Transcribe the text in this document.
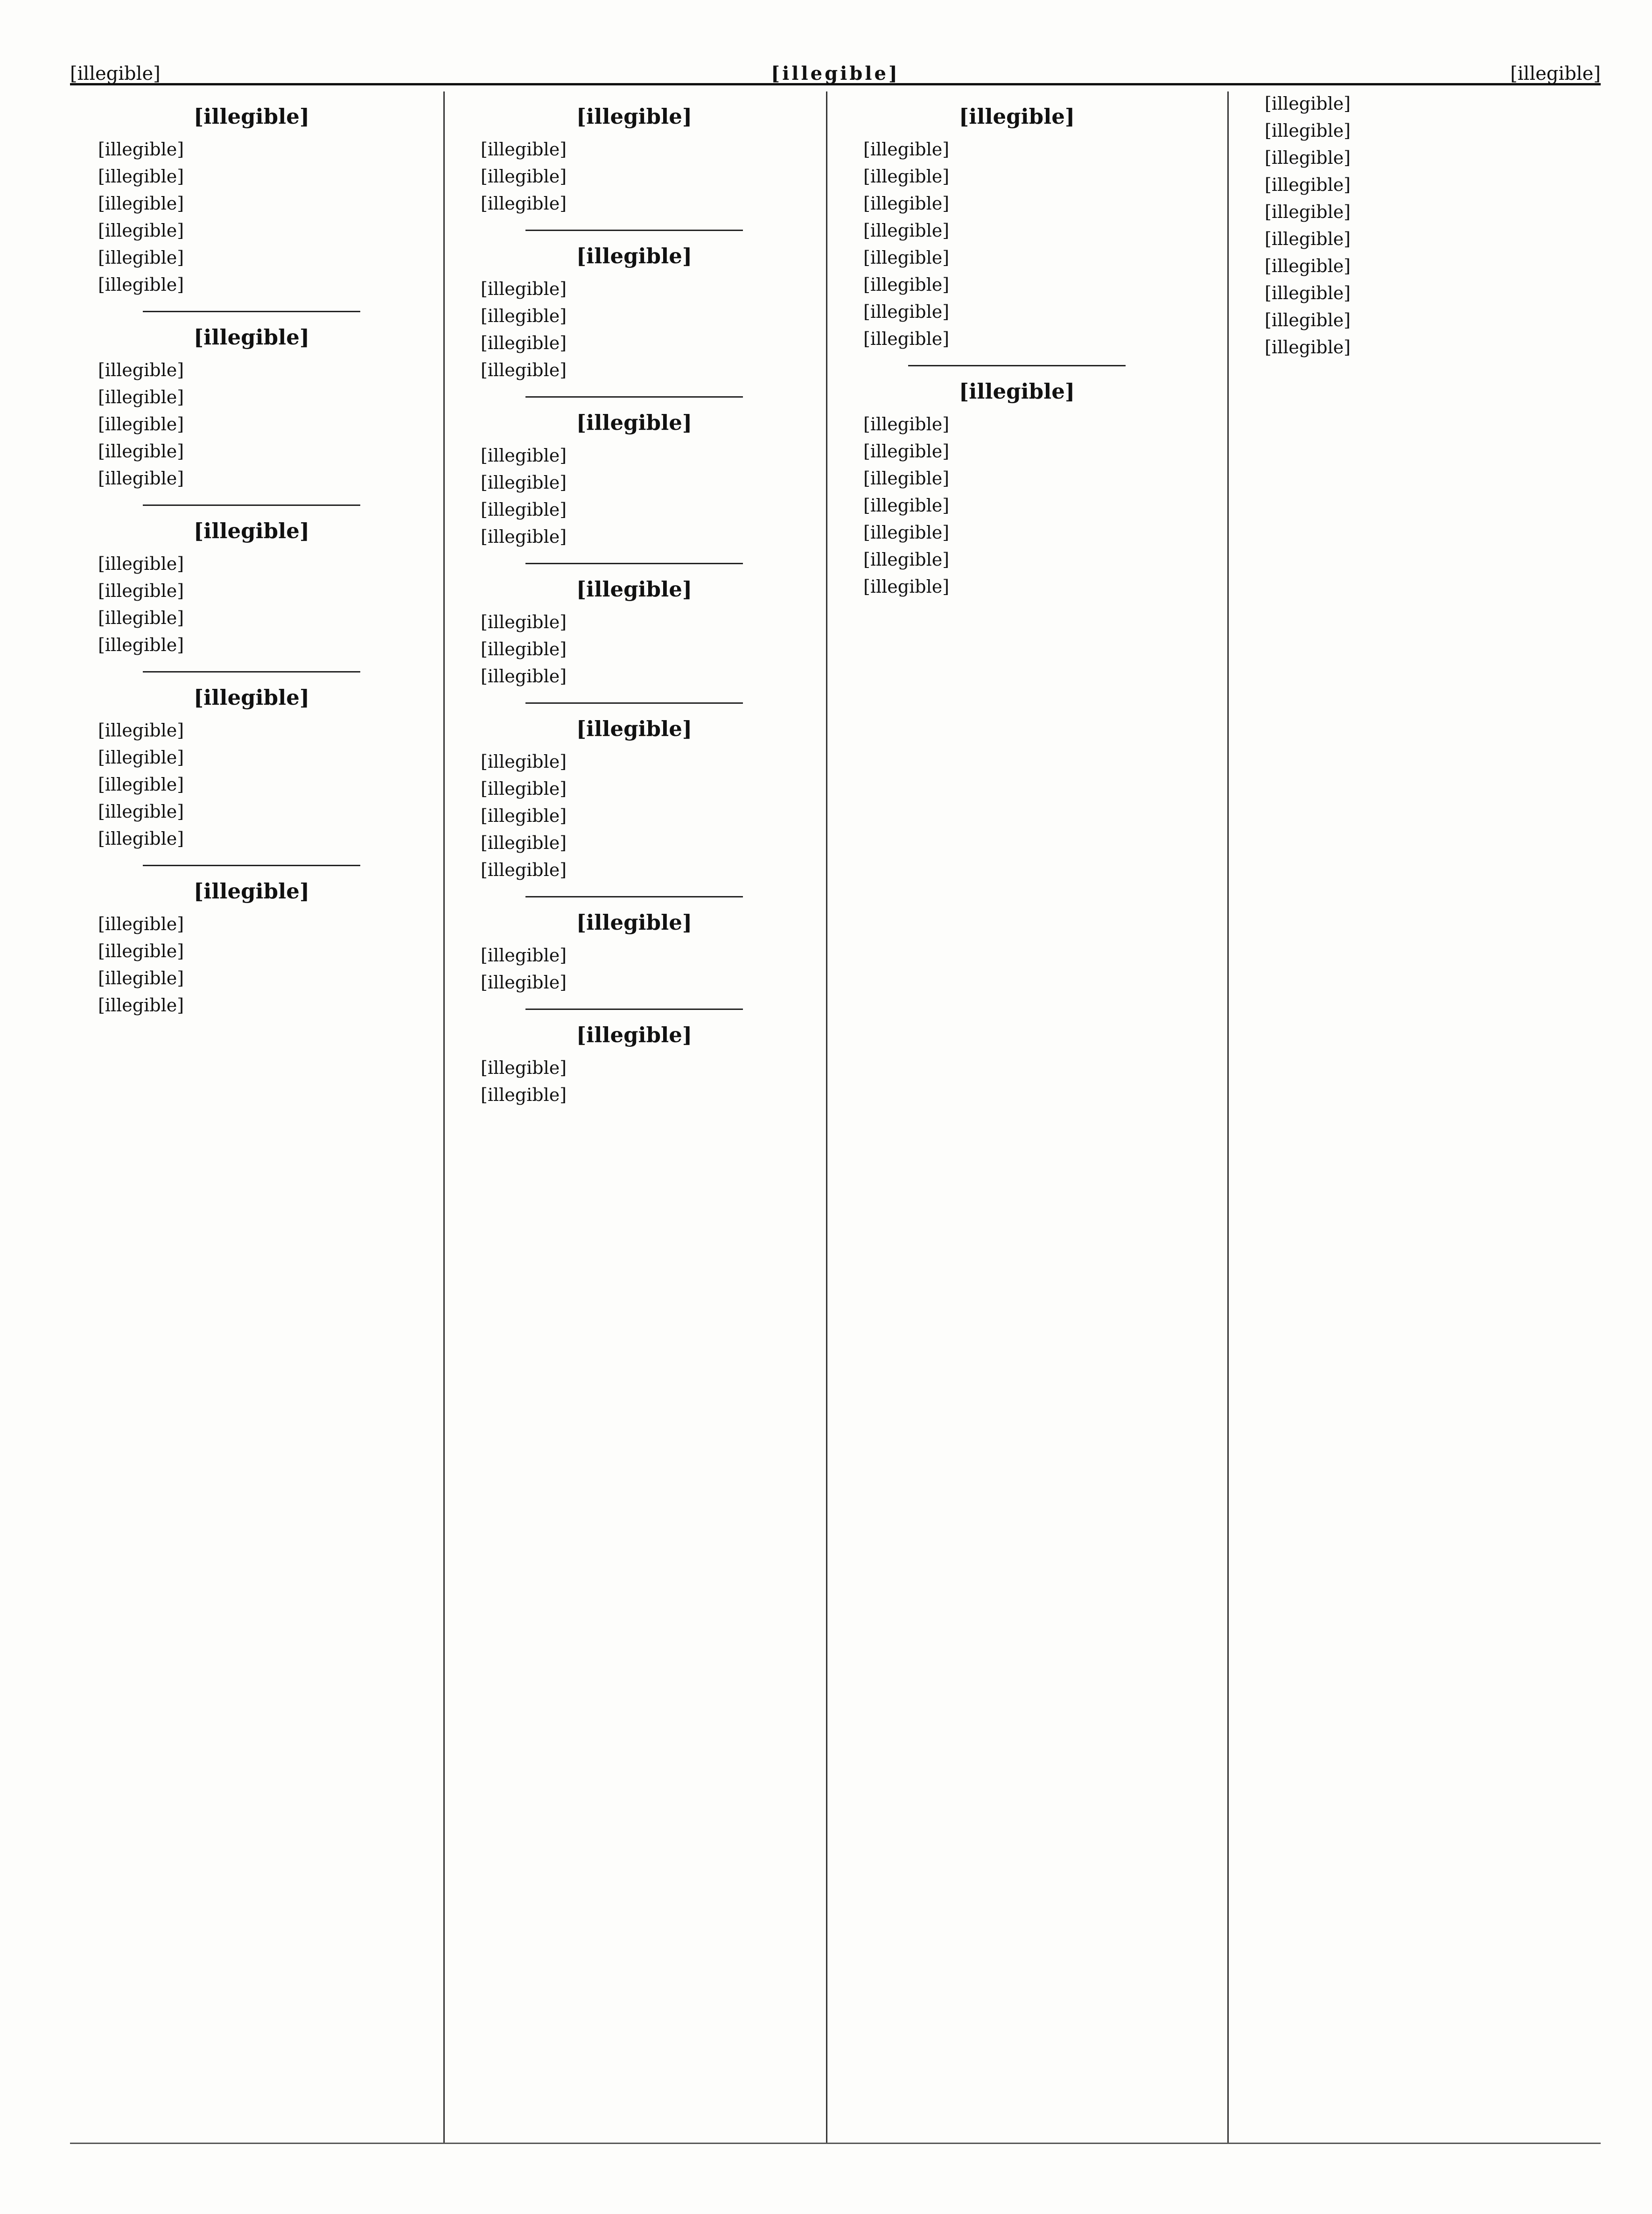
[illegible]	[illegible]	[illegible]
[illegible]

[illegible]

[illegible]

[illegible]

[illegible]

[illegible]

[illegible]

[illegible]

[illegible]

[illegible]

[illegible]

[illegible]

[illegible]

[illegible]

[illegible]

[illegible]

[illegible]

[illegible]

[illegible]

[illegible]

[illegible]

[illegible]

[illegible]

[illegible]

[illegible]

[illegible]

[illegible]

[illegible]

[illegible]

[illegible]

[illegible]

[illegible]

[illegible]

[illegible]

[illegible]

[illegible]

[illegible]

[illegible]

[illegible]

[illegible]

[illegible]

[illegible]

[illegible]

[illegible]

[illegible]

[illegible]

[illegible]

[illegible]

[illegible]

[illegible]

[illegible]

[illegible]

[illegible]

[illegible]

[illegible]

[illegible]

[illegible]

[illegible]

[illegible]

[illegible]

[illegible]

[illegible]

[illegible]

[illegible]

[illegible]

[illegible]

[illegible]

[illegible]

[illegible]

[illegible]

[illegible]

[illegible]

[illegible]

[illegible]

[illegible]

[illegible]

[illegible]

[illegible]

[illegible]

[illegible]

[illegible]

[illegible]

[illegible]

[illegible]

[illegible]

[illegible]
